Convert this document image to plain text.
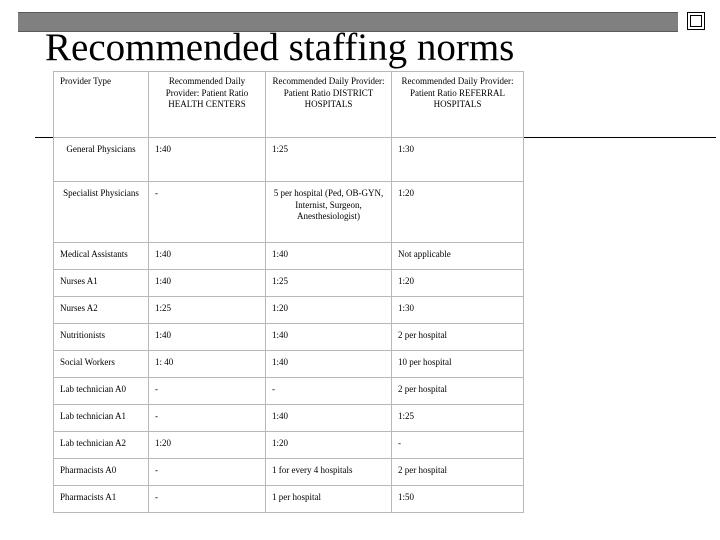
Recommended staffing norms
Provider Type	Recommended Daily Provider: Patient Ratio HEALTH CENTERS	Recommended Daily Provider: Patient Ratio DISTRICT HOSPITALS	Recommended Daily Provider: Patient Ratio REFERRAL HOSPITALS
General Physicians	1:40	1:25	1:30
Specialist Physicians	-	5 per hospital (Ped, OB-GYN, Internist, Surgeon, Anesthesiologist)	1:20
Medical Assistants	1:40	1:40	Not applicable
Nurses A1	1:40	1:25	1:20
Nurses A2	1:25	1:20	1:30
Nutritionists	1:40	1:40	2 per hospital
Social Workers	1: 40	1:40	10 per hospital
Lab technician A0	-	-	2 per hospital
Lab technician A1	-	1:40	1:25
Lab technician A2	1:20	1:20	-
Pharmacists A0	-	1 for every 4 hospitals	2 per hospital
Pharmacists A1	-	1 per hospital	1:50
